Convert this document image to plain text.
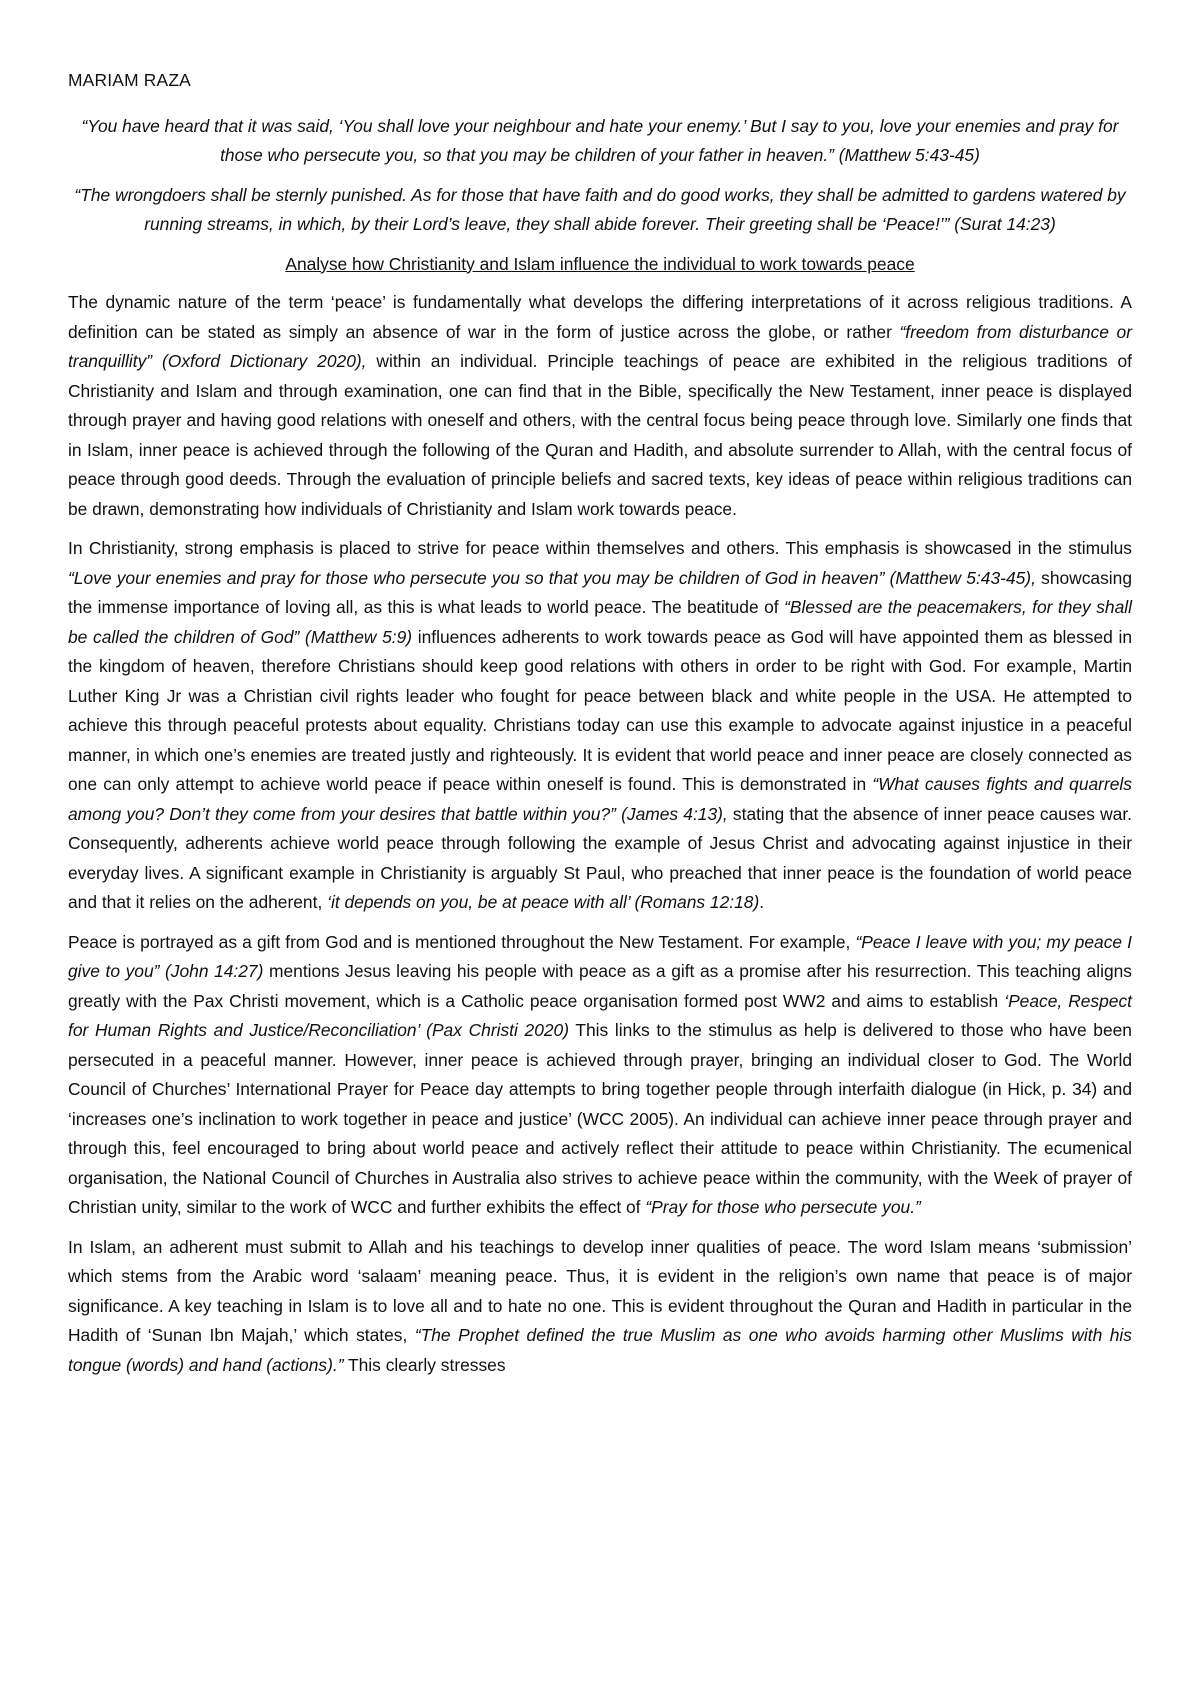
MARIAM RAZA

“You have heard that it was said, ‘You shall love your neighbour and hate your enemy.’ But I say to you, love your enemies and pray for those who persecute you, so that you may be children of your father in heaven.” (Matthew 5:43-45)

“The wrongdoers shall be sternly punished. As for those that have faith and do good works, they shall be admitted to gardens watered by running streams, in which, by their Lord’s leave, they shall abide forever. Their greeting shall be ‘Peace!’” (Surat 14:23)

Analyse how Christianity and Islam influence the individual to work towards peace

The dynamic nature of the term ‘peace’ is fundamentally what develops the differing interpretations of it across religious traditions. A definition can be stated as simply an absence of war in the form of justice across the globe, or rather “freedom from disturbance or tranquillity” (Oxford Dictionary 2020), within an individual. Principle teachings of peace are exhibited in the religious traditions of Christianity and Islam and through examination, one can find that in the Bible, specifically the New Testament, inner peace is displayed through prayer and having good relations with oneself and others, with the central focus being peace through love. Similarly one finds that in Islam, inner peace is achieved through the following of the Quran and Hadith, and absolute surrender to Allah, with the central focus of peace through good deeds. Through the evaluation of principle beliefs and sacred texts, key ideas of peace within religious traditions can be drawn, demonstrating how individuals of Christianity and Islam work towards peace.

In Christianity, strong emphasis is placed to strive for peace within themselves and others. This emphasis is showcased in the stimulus “Love your enemies and pray for those who persecute you so that you may be children of God in heaven” (Matthew 5:43-45), showcasing the immense importance of loving all, as this is what leads to world peace. The beatitude of “Blessed are the peacemakers, for they shall be called the children of God” (Matthew 5:9) influences adherents to work towards peace as God will have appointed them as blessed in the kingdom of heaven, therefore Christians should keep good relations with others in order to be right with God. For example, Martin Luther King Jr was a Christian civil rights leader who fought for peace between black and white people in the USA. He attempted to achieve this through peaceful protests about equality. Christians today can use this example to advocate against injustice in a peaceful manner, in which one’s enemies are treated justly and righteously. It is evident that world peace and inner peace are closely connected as one can only attempt to achieve world peace if peace within oneself is found. This is demonstrated in “What causes fights and quarrels among you? Don’t they come from your desires that battle within you?” (James 4:13), stating that the absence of inner peace causes war. Consequently, adherents achieve world peace through following the example of Jesus Christ and advocating against injustice in their everyday lives. A significant example in Christianity is arguably St Paul, who preached that inner peace is the foundation of world peace and that it relies on the adherent, ‘it depends on you, be at peace with all’ (Romans 12:18).

Peace is portrayed as a gift from God and is mentioned throughout the New Testament. For example, “Peace I leave with you; my peace I give to you” (John 14:27) mentions Jesus leaving his people with peace as a gift as a promise after his resurrection. This teaching aligns greatly with the Pax Christi movement, which is a Catholic peace organisation formed post WW2 and aims to establish ‘Peace, Respect for Human Rights and Justice/Reconciliation’ (Pax Christi 2020) This links to the stimulus as help is delivered to those who have been persecuted in a peaceful manner. However, inner peace is achieved through prayer, bringing an individual closer to God. The World Council of Churches’ International Prayer for Peace day attempts to bring together people through interfaith dialogue (in Hick, p. 34) and ‘increases one’s inclination to work together in peace and justice’ (WCC 2005). An individual can achieve inner peace through prayer and through this, feel encouraged to bring about world peace and actively reflect their attitude to peace within Christianity. The ecumenical organisation, the National Council of Churches in Australia also strives to achieve peace within the community, with the Week of prayer of Christian unity, similar to the work of WCC and further exhibits the effect of “Pray for those who persecute you.”

In Islam, an adherent must submit to Allah and his teachings to develop inner qualities of peace. The word Islam means ‘submission’ which stems from the Arabic word ‘salaam’ meaning peace. Thus, it is evident in the religion’s own name that peace is of major significance. A key teaching in Islam is to love all and to hate no one. This is evident throughout the Quran and Hadith in particular in the Hadith of ‘Sunan Ibn Majah,’ which states, “The Prophet defined the true Muslim as one who avoids harming other Muslims with his tongue (words) and hand (actions).” This clearly stresses
